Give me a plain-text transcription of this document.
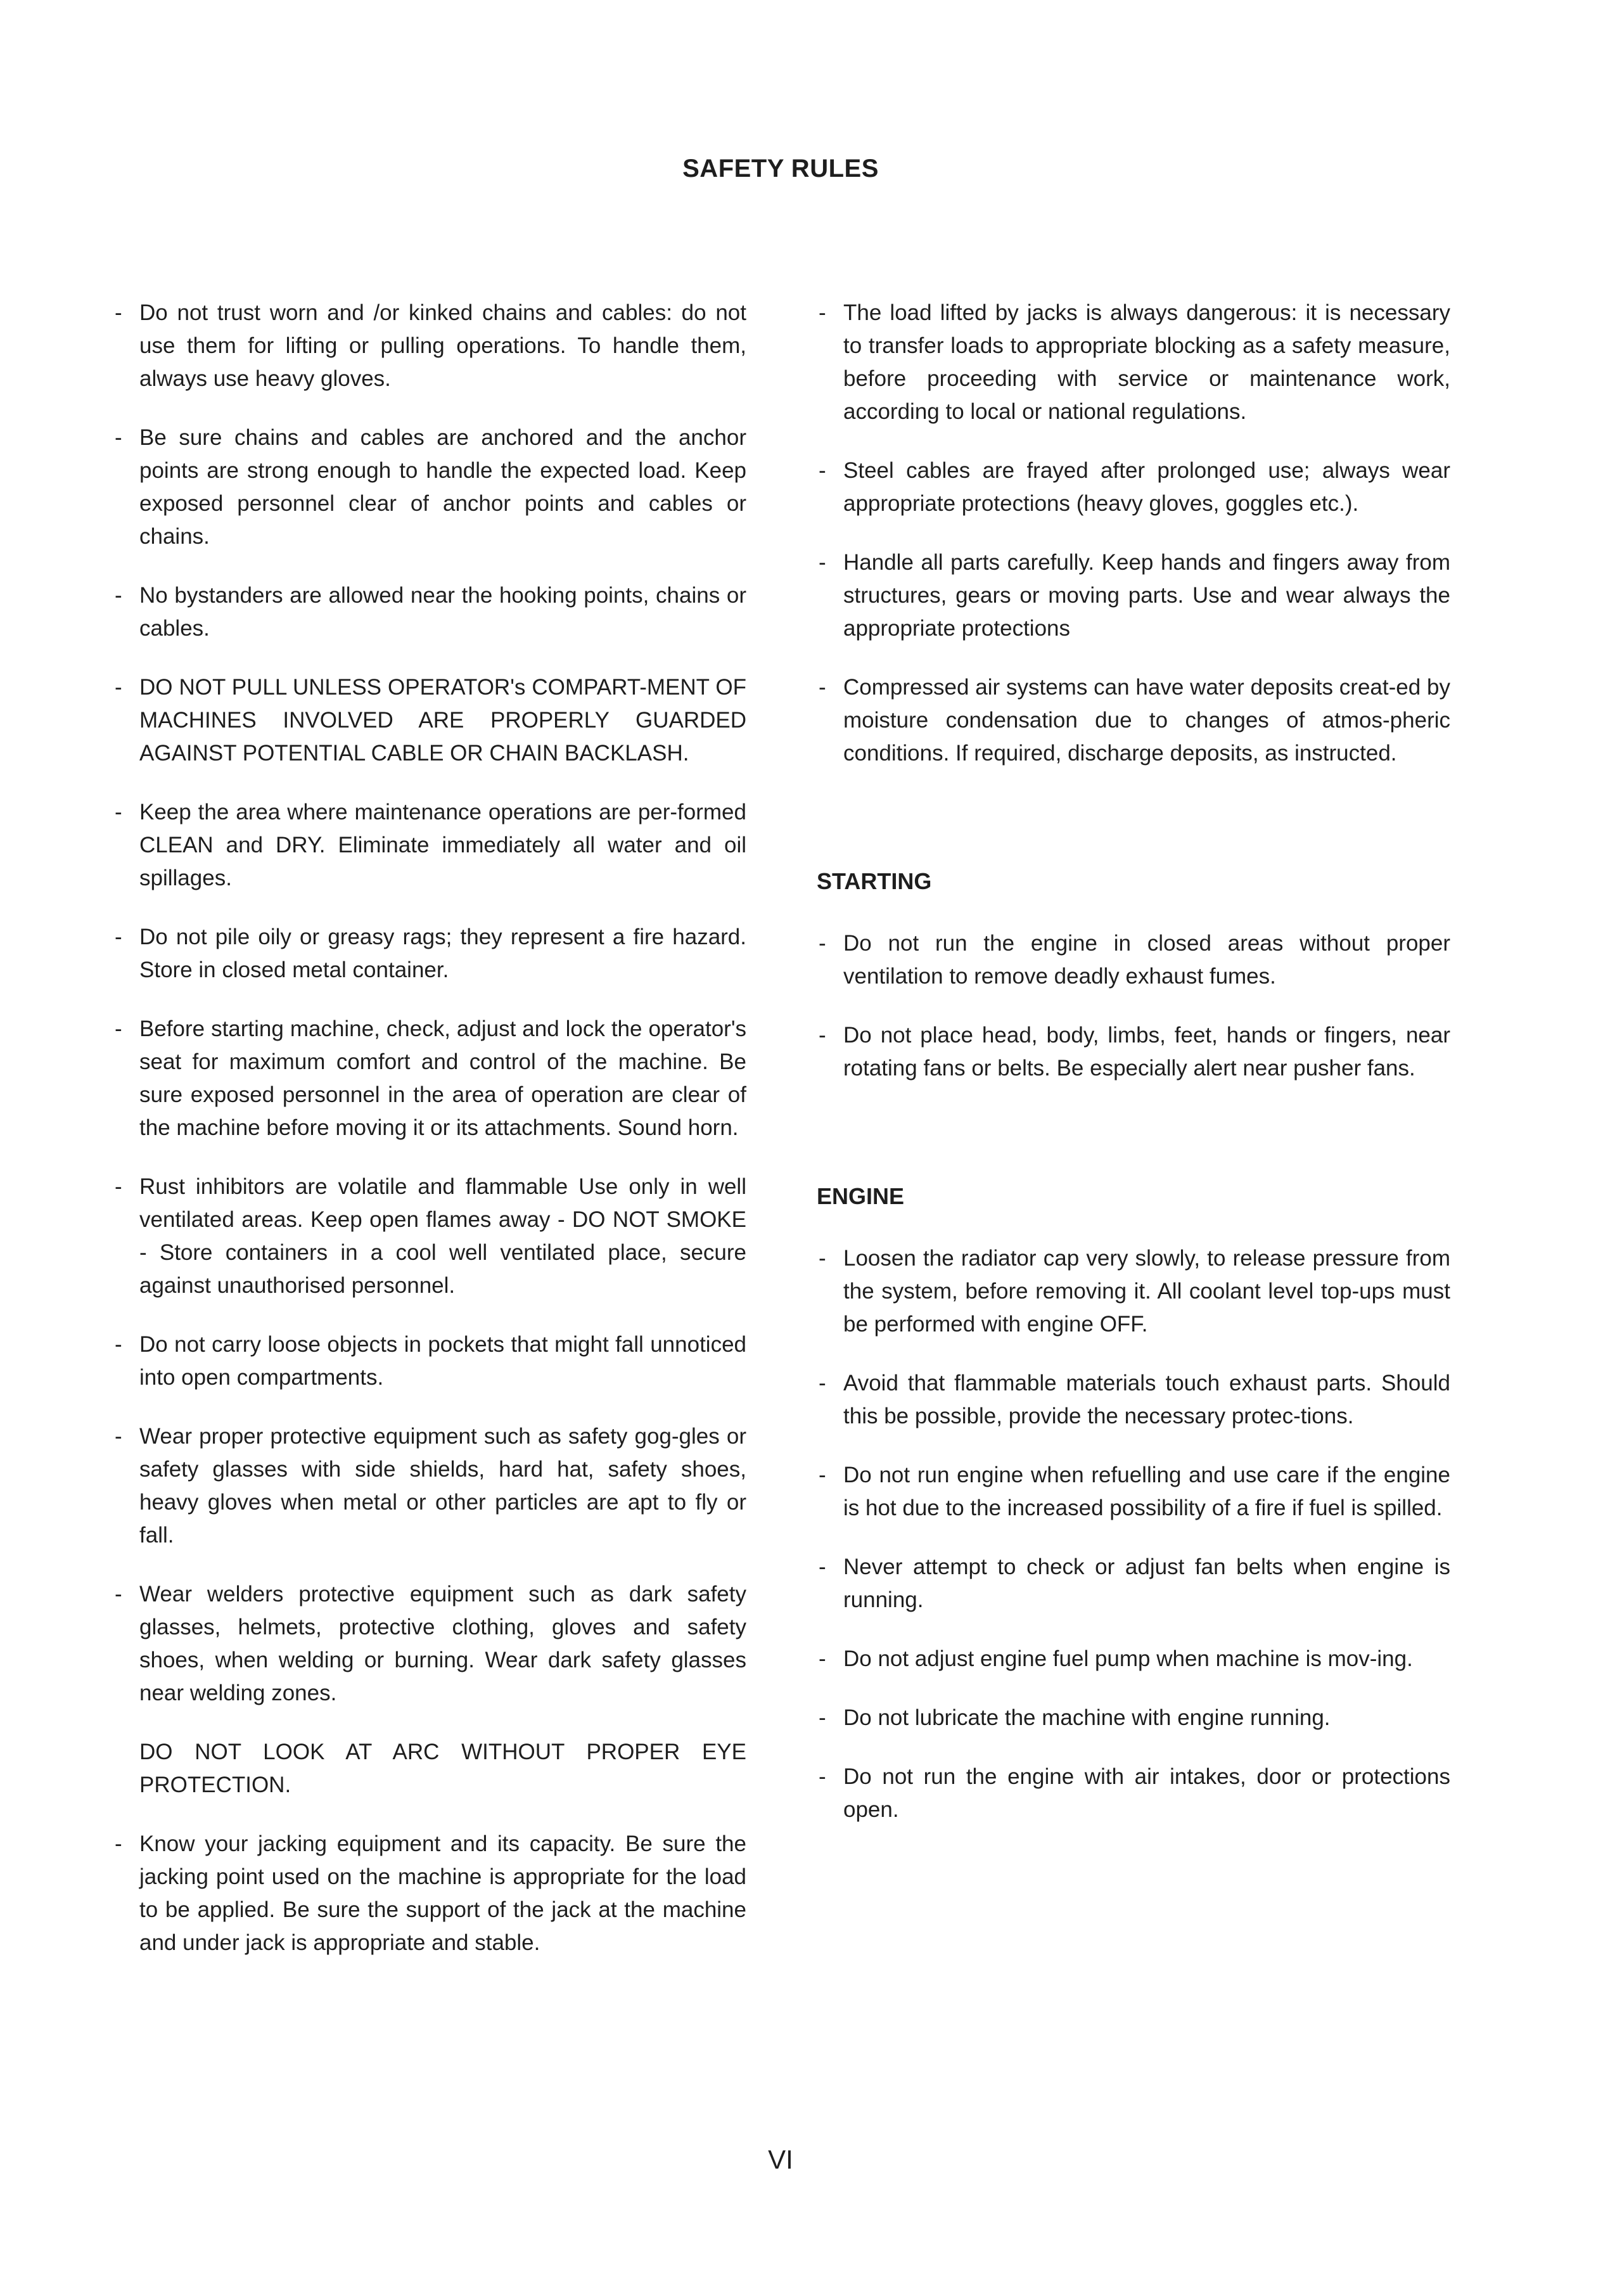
SAFETY RULES
- Do not trust worn and /or kinked chains and cables: do not use them for lifting or pulling operations. To handle them, always use heavy gloves.
- Be sure chains and cables are anchored and the anchor points are strong enough to handle the expected load. Keep exposed personnel clear of anchor points and cables or chains.
- No bystanders are allowed near the hooking points, chains or cables.
- DO NOT PULL UNLESS OPERATOR's COMPART-MENT OF MACHINES INVOLVED ARE PROPERLY GUARDED AGAINST POTENTIAL CABLE OR CHAIN BACKLASH.
- Keep the area where maintenance operations are per-formed CLEAN and DRY. Eliminate immediately all water and oil spillages.
- Do not pile oily or greasy rags; they represent a fire hazard. Store in closed metal container.
- Before starting machine, check, adjust and lock the operator's seat for maximum comfort and control of the machine. Be sure exposed personnel in the area of operation are clear of the machine before moving it or its attachments. Sound horn.
- Rust inhibitors are volatile and flammable Use only in well ventilated areas. Keep open flames away - DO NOT SMOKE - Store containers in a cool well ventilated place, secure against unauthorised personnel.
- Do not carry loose objects in pockets that might fall unnoticed into open compartments.
- Wear proper protective equipment such as safety gog-gles or safety glasses with side shields, hard hat, safety shoes, heavy gloves when metal or other particles are apt to fly or fall.
- Wear welders protective equipment such as dark safety glasses, helmets, protective clothing, gloves and safety shoes, when welding or burning. Wear dark safety glasses near welding zones.
DO NOT LOOK AT ARC WITHOUT PROPER EYE PROTECTION.
- Know your jacking equipment and its capacity. Be sure the jacking point used on the machine is appropriate for the load to be applied. Be sure the support of the jack at the machine and under jack is appropriate and stable.
- The load lifted by jacks is always dangerous: it is necessary to transfer loads to appropriate blocking as a safety measure, before proceeding with service or maintenance work, according to local or national regulations.
- Steel cables are frayed after prolonged use; always wear appropriate protections (heavy gloves, goggles etc.).
- Handle all parts carefully. Keep hands and fingers away from structures, gears or moving parts. Use and wear always the appropriate protections
- Compressed air systems can have water deposits creat-ed by moisture condensation due to changes of atmos-pheric conditions. If required, discharge deposits, as instructed.
STARTING
- Do not run the engine in closed areas without proper ventilation to remove deadly exhaust fumes.
- Do not place head, body, limbs, feet, hands or fingers, near rotating fans or belts. Be especially alert near pusher fans.
ENGINE
- Loosen the radiator cap very slowly, to release pressure from the system, before removing it. All coolant level top-ups must be performed with engine OFF.
- Avoid that flammable materials touch exhaust parts. Should this be possible, provide the necessary protec-tions.
- Do not run engine when refuelling and use care if the engine is hot due to the increased possibility of a fire if fuel is spilled.
- Never attempt to check or adjust fan belts when engine is running.
- Do not adjust engine fuel pump when machine is mov-ing.
- Do not lubricate the machine with engine running.
- Do not run the engine with air intakes, door or protections open.
VI
